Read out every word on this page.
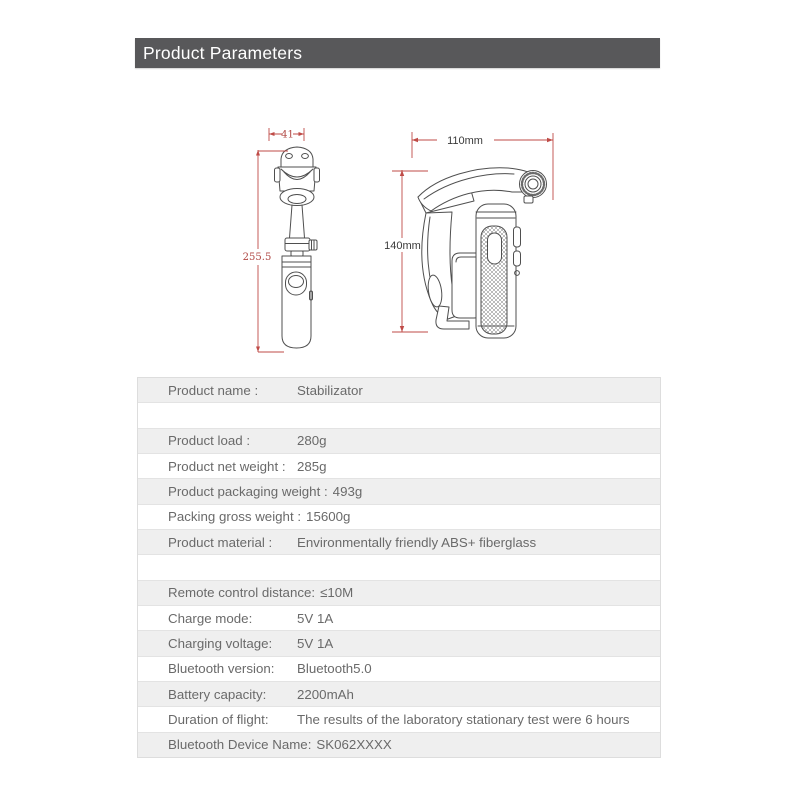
Product Parameters
41
255.5
110mm
140mm
Product name :	Stabilizator
Product load :	280g
Product net weight : 285g
Product packaging weight : 493g
Packing gross weight : 15600g
Product material :	Environmentally friendly ABS+ fiberglass
Remote control distance: ≤10M
Charge mode:	5V 1A
Charging voltage:	5V 1A
Bluetooth version:	Bluetooth5.0
Battery capacity:	2200mAh
Duration of flight:	The results of the laboratory stationary test were 6 hours
Bluetooth Device Name: SK062XXXX
